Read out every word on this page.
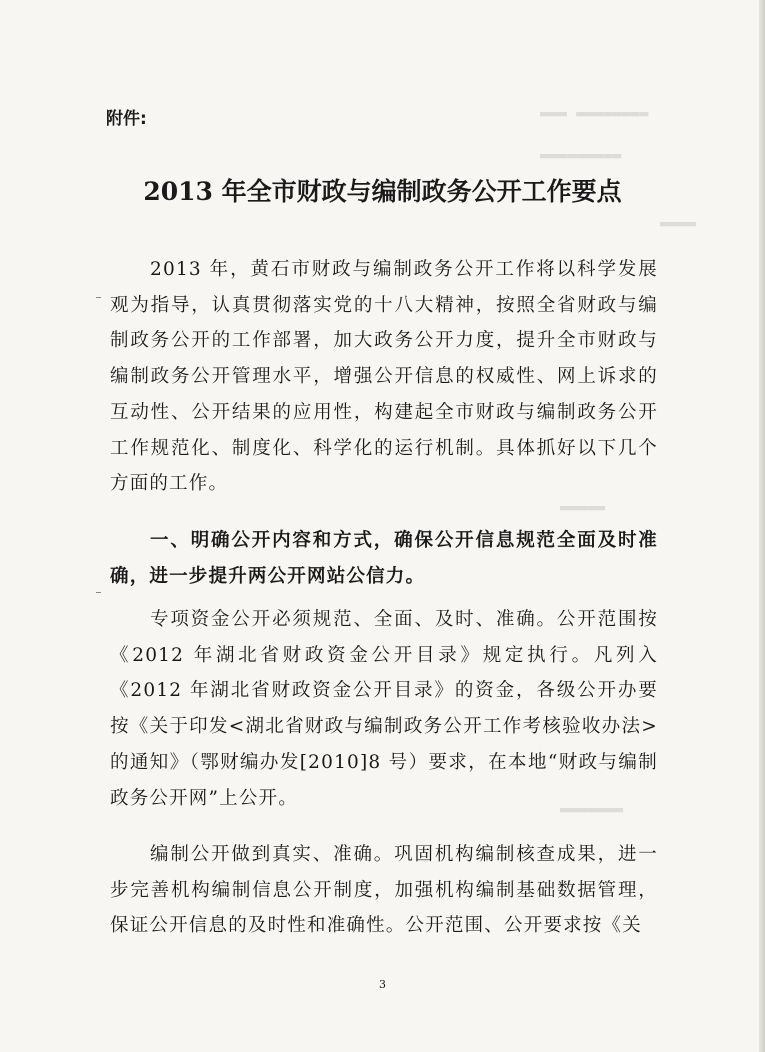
▬▬▬ ▬▬▬▬▬▬▬▬
▬▬▬▬▬▬▬▬▬
▬▬▬▬
▬▬▬▬▬
▬▬▬▬▬▬▬
附件:
2013 年全市财政与编制政务公开工作要点
2013 年，黄石市财政与编制政务公开工作将以科学发展观为指导，认真贯彻落实党的十八大精神，按照全省财政与编制政务公开的工作部署，加大政务公开力度，提升全市财政与编制政务公开管理水平，增强公开信息的权威性、网上诉求的互动性、公开结果的应用性，构建起全市财政与编制政务公开工作规范化、制度化、科学化的运行机制。具体抓好以下几个方面的工作。
一、明确公开内容和方式，确保公开信息规范全面及时准确，进一步提升两公开网站公信力。
专项资金公开必须规范、全面、及时、准确。公开范围按《2012 年湖北省财政资金公开目录》规定执行。凡列入《2012 年湖北省财政资金公开目录》的资金，各级公开办要按《关于印发<湖北省财政与编制政务公开工作考核验收办法>的通知》（鄂财编办发[2010]8 号）要求，在本地“财政与编制政务公开网”上公开。
编制公开做到真实、准确。巩固机构编制核查成果，进一步完善机构编制信息公开制度，加强机构编制基础数据管理，保证公开信息的及时性和准确性。公开范围、公开要求按《关
3
